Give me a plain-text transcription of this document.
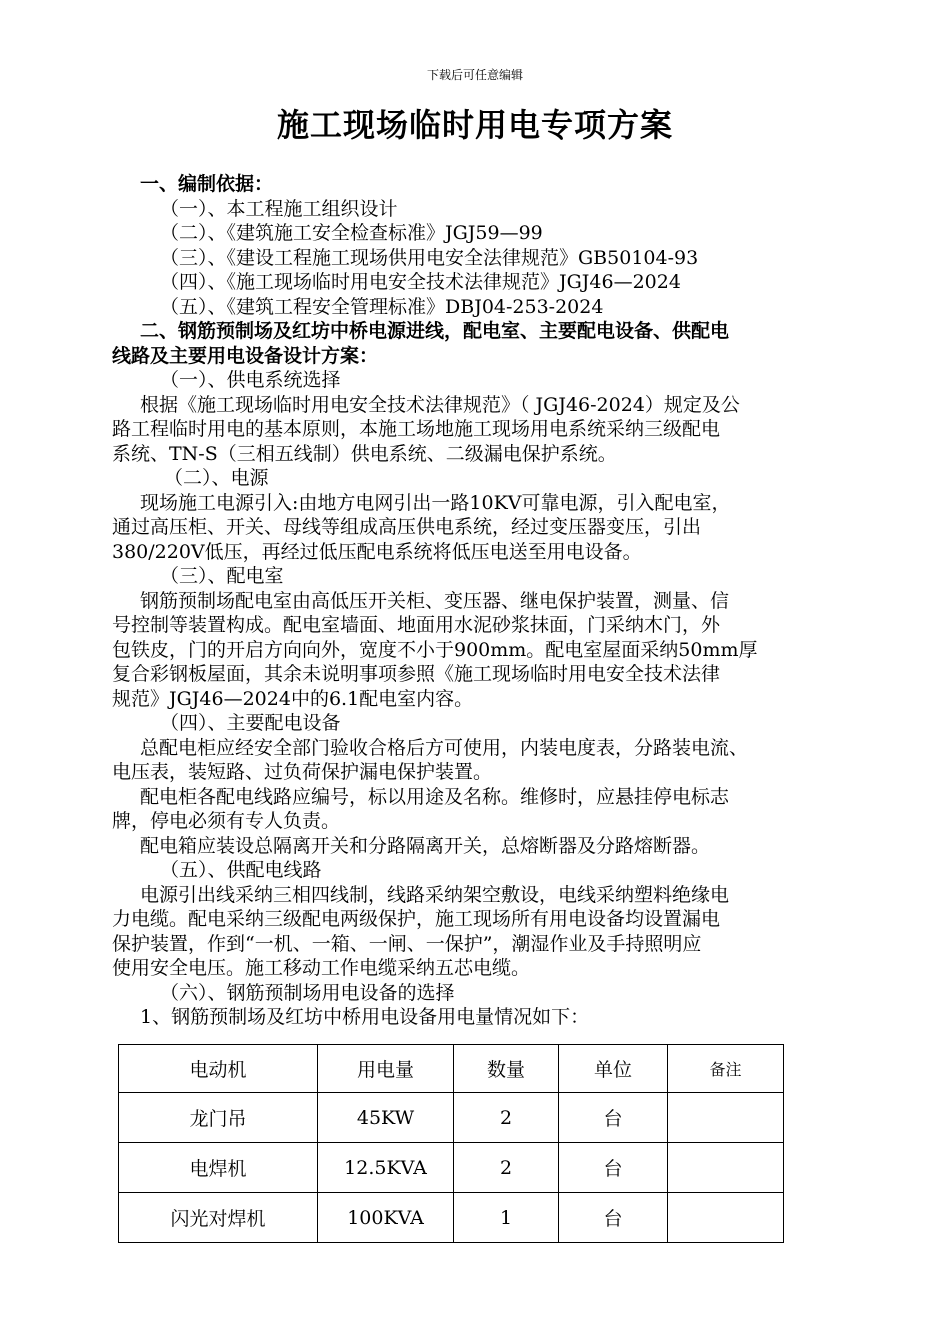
下载后可任意编辑
施工现场临时用电专项方案
一、编制依据：
（一）、本工程施工组织设计
（二）、《建筑施工安全检查标准》JGJ59—99
（三）、《建设工程施工现场供用电安全法律规范》GB50104-93
（四）、《施工现场临时用电安全技术法律规范》JGJ46—2024
（五）、《建筑工程安全管理标准》DBJ04-253-2024
二、钢筋预制场及红坊中桥电源进线，配电室、主要配电设备、供配电
线路及主要用电设备设计方案：
（一）、供电系统选择
根据《施工现场临时用电安全技术法律规范》（ JGJ46-2024）规定及公
路工程临时用电的基本原则，本施工场地施工现场用电系统采纳三级配电
系统、TN-S（三相五线制）供电系统、二级漏电保护系统。
（二）、电源
现场施工电源引入:由地方电网引出一路10KV可靠电源，引入配电室，
通过高压柜、开关、母线等组成高压供电系统，经过变压器变压，引出
380/220V低压，再经过低压配电系统将低压电送至用电设备。
（三）、配电室
钢筋预制场配电室由高低压开关柜、变压器、继电保护装置，测量、信
号控制等装置构成。配电室墙面、地面用水泥砂浆抹面，门采纳木门，外
包铁皮，门的开启方向向外，宽度不小于900mm。配电室屋面采纳50mm厚
复合彩钢板屋面，其余未说明事项参照《施工现场临时用电安全技术法律
规范》JGJ46—2024中的6.1配电室内容。
（四）、主要配电设备
总配电柜应经安全部门验收合格后方可使用，内装电度表，分路装电流、
电压表，装短路、过负荷保护漏电保护装置。
配电柜各配电线路应编号，标以用途及名称。维修时，应悬挂停电标志
牌，停电必须有专人负责。
配电箱应装设总隔离开关和分路隔离开关，总熔断器及分路熔断器。
（五）、供配电线路
电源引出线采纳三相四线制，线路采纳架空敷设，电线采纳塑料绝缘电
力电缆。配电采纳三级配电两级保护，施工现场所有用电设备均设置漏电
保护装置，作到“一机、一箱、一闸、一保护”，潮湿作业及手持照明应
使用安全电压。施工移动工作电缆采纳五芯电缆。
（六）、钢筋预制场用电设备的选择
1、钢筋预制场及红坊中桥用电设备用电量情况如下：
电动机	用电量	数量	单位	备注
龙门吊	45KW	2	台	
电焊机	12.5KVA	2	台	
闪光对焊机	100KVA	1	台	
